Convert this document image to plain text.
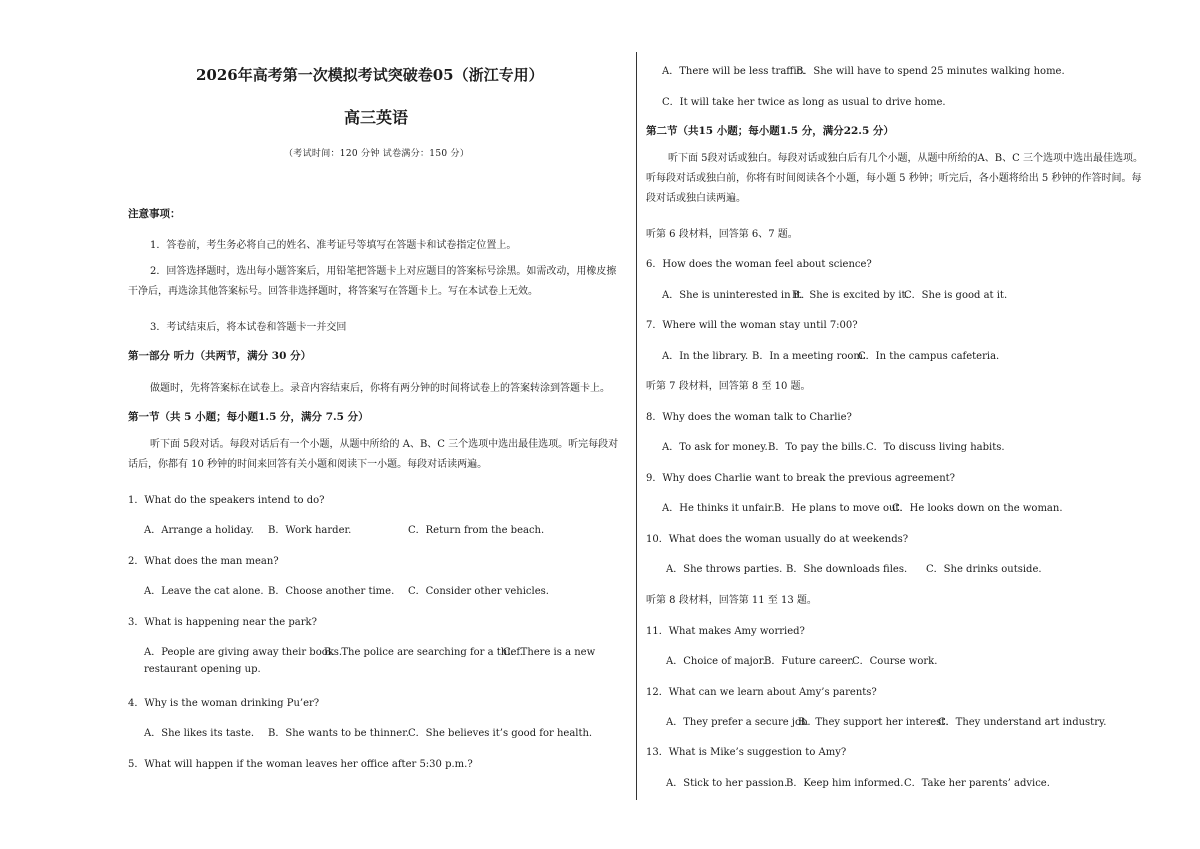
2026年高考第一次模拟考试突破卷05（浙江专用）
高三英语
（考试时间：120 分钟 试卷满分：150 分）
注意事项：
1．答卷前，考生务必将自己的姓名、准考证号等填写在答题卡和试卷指定位置上。
2．回答选择题时，选出每小题答案后，用铅笔把答题卡上对应题目的答案标号涂黑。如需改动，用橡皮擦干净后，再选涂其他答案标号。回答非选择题时，将答案写在答题卡上。写在本试卷上无效。
3．考试结束后，将本试卷和答题卡一并交回
第一部分 听力（共两节，满分 30 分）
做题时，先将答案标在试卷上。录音内容结束后，你将有两分钟的时间将试卷上的答案转涂到答题卡上。
第一节（共 5 小题；每小题1.5 分，满分 7.5 分）
听下面 5段对话。每段对话后有一个小题，从题中所给的 A、B、C 三个选项中选出最佳选项。听完每段对话后，你都有 10 秒钟的时间来回答有关小题和阅读下一小题。每段对话读两遍。
1．What do the speakers intend to do?
A．Arrange a holiday. B．Work harder.	C．Return from the beach.
2．What does the man mean?
A．Leave the cat alone. B．Choose another time. C．Consider other vehicles.
3．What is happening near the park?
A．People are giving away their books.
B．The police are searching for a thief.
C．There is a new
restaurant opening up.
4．Why is the woman drinking Pu’er?
A．She likes its taste. B．She wants to be thinner.
C．She believes it’s good for health.
5．What will happen if the woman leaves her office after 5:30 p.m.?
A．There will be less traffic.
B．She will have to spend 25 minutes walking home.
C．It will take her twice as long as usual to drive home.
第二节（共15 小题；每小题1.5 分，满分22.5 分）
听下面 5段对话或独白。每段对话或独白后有几个小题，从题中所给的A、B、C 三个选项中选出最佳选项。听每段对话或独白前，你将有时间阅读各个小题，每小题 5 秒钟；听完后，各小题将给出 5 秒钟的作答时间。每段对话或独白读两遍。
听第 6 段材料，回答第 6、7 题。
6．How does the woman feel about science?
A．She is uninterested in it.
B．She is excited by it.
C．She is good at it.
7．Where will the woman stay until 7:00?
A．In the library. B．In a meeting room.
C．In the campus cafeteria.
听第 7 段材料，回答第 8 至 10 题。
8．Why does the woman talk to Charlie?
A．To ask for money. B．To pay the bills. C．To discuss living habits.
9．Why does Charlie want to break the previous agreement?
A．He thinks it unfair. B．He plans to move out.
C．He looks down on the woman.
10．What does the woman usually do at weekends?
A．She throws parties. B．She downloads files. C．She drinks outside.
听第 8 段材料，回答第 11 至 13 题。
11．What makes Amy worried?
A．Choice of major.
B．Future career.
C．Course work.
12．What can we learn about Amy’s parents?
A．They prefer a secure job.
B．They support her interest.
C．They understand art industry.
13．What is Mike’s suggestion to Amy?
A．Stick to her passion.
B．Keep him informed. C．Take her parents’ advice.
